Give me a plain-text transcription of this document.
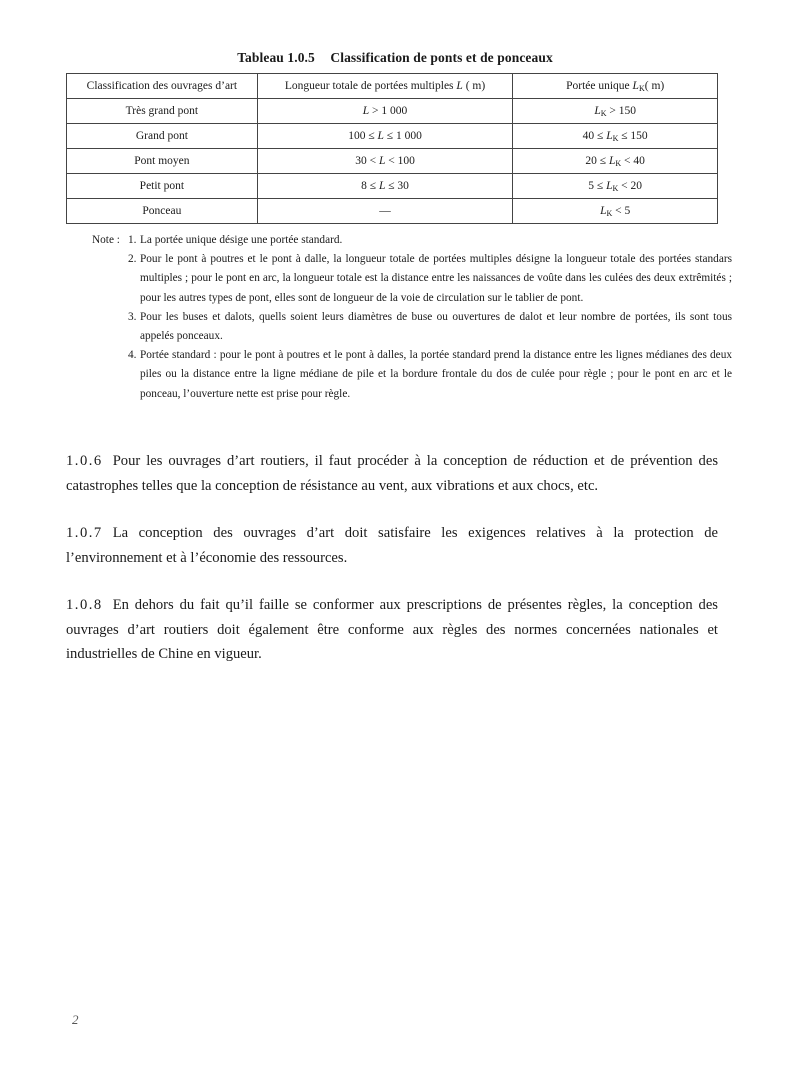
Tableau 1.0.5 Classification de ponts et de ponceaux
Classification des ouvrages d’art	Longueur totale de portées multiples L ( m)	Portée unique $L_K$( m)
Très grand pont	L > 1 000	$L_K > 150$
Grand pont	100 ≤ L ≤ 1 000	$40 \le L_K \le 150$
Pont moyen	30 < L < 100	$20 \le L_K < 40$
Petit pont	8 ≤ L ≤ 30	$5 \le L_K < 20$
Ponceau	—	$L_K < 5$
Note : 1. La portée unique désige une portée standard.
2. Pour le pont à poutres et le pont à dalle, la longueur totale de portées multiples désigne la longueur totale des portées standars multiples ; pour le pont en arc, la longueur totale est la distance entre les naissances de voûte dans les culées des deux extrêmités ; pour les autres types de pont, elles sont de longueur de la voie de circulation sur le tablier de pont.
3. Pour les buses et dalots, quells soient leurs diamètres de buse ou ouvertures de dalot et leur nombre de portées, ils sont tous appelés ponceaux.
4. Portée standard : pour le pont à poutres et le pont à dalles, la portée standard prend la distance entre les lignes médianes des deux piles ou la distance entre la ligne médiane de pile et la bordure frontale du dos de culée pour règle ; pour le pont en arc et le ponceau, l’ouverture nette est prise pour règle.
1.0.6 Pour les ouvrages d’art routiers, il faut procéder à la conception de réduction et de prévention des catastrophes telles que la conception de résistance au vent, aux vibrations et aux chocs, etc.
1.0.7 La conception des ouvrages d’art doit satisfaire les exigences relatives à la protection de l’environnement et à l’économie des ressources.
1.0.8 En dehors du fait qu’il faille se conformer aux prescriptions de présentes règles, la conception des ouvrages d’art routiers doit également être conforme aux règles des normes concernées nationales et industrielles de Chine en vigueur.
2
